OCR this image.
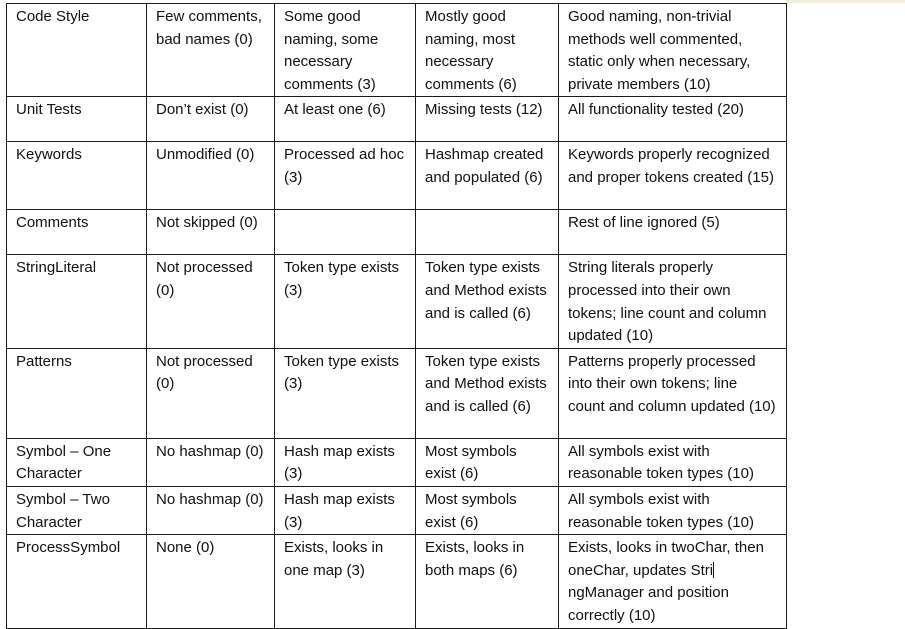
Code Style	Few comments, bad names (0)	Some good naming, some necessary comments (3)	Mostly good naming, most necessary comments (6)	Good naming, non-trivial methods well commented, static only when necessary, private members (10)
Unit Tests	Don’t exist (0)	At least one (6)	Missing tests (12)	All functionality tested (20)
Keywords	Unmodified (0)	Processed ad hoc (3)	Hashmap created and populated (6)	Keywords properly recognized and proper tokens created (15)
Comments	Not skipped (0)			Rest of line ignored (5)
StringLiteral	Not processed (0)	Token type exists (3)	Token type exists and Method exists and is called (6)	String literals properly processed into their own tokens; line count and column updated (10)
Patterns	Not processed (0)	Token type exists (3)	Token type exists and Method exists and is called (6)	Patterns properly processed into their own tokens; line count and column updated (10)
Symbol – One Character	No hashmap (0)	Hash map exists (3)	Most symbols exist (6)	All symbols exist with reasonable token types (10)
Symbol – Two Character	No hashmap (0)	Hash map exists (3)	Most symbols exist (6)	All symbols exist with reasonable token types (10)
ProcessSymbol	None (0)	Exists, looks in one map (3)	Exists, looks in both maps (6)	Exists, looks in twoChar, then oneChar, updates StringManager and position correctly (10)
